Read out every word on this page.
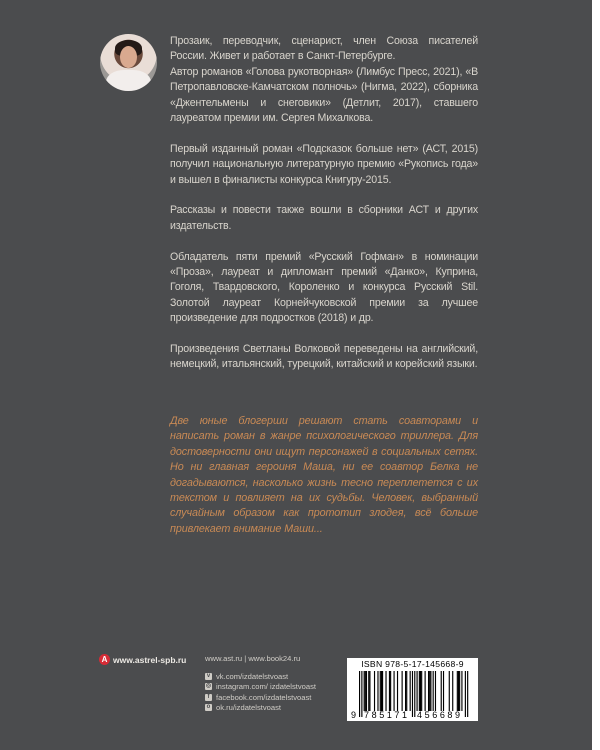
Прозаик, переводчик, сценарист, член Союза писателей России. Живет и работает в Санкт-Петербурге.

Автор романов «Голова рукотворная» (Лимбус Пресс, 2021), «В Петропавловске-Камчатском полночь» (Нигма, 2022), сборника «Джентельмены и снеговики» (Детлит, 2017), ставшего лауреатом премии им. Сергея Михалкова.

Первый изданный роман «Подсказок больше нет» (АСТ, 2015) получил национальную литературную премию «Рукопись года» и вышел в финалисты конкурса Книгуру-2015.

Рассказы и повести также вошли в сборники АСТ и других издательств.

Обладатель пяти премий «Русский Гофман» в номинации «Проза», лауреат и дипломант премий «Данко», Куприна, Гоголя, Твардовского, Короленко и конкурса Русский Stil. Золотой лауреат Корнейчуковской премии за лучшее произведение для подростков (2018) и др.

Произведения Светланы Волковой переведены на английский, немецкий, итальянский, турецкий, китайский и корейский языки.

Две юные блогерши решают стать соавторами и написать роман в жанре психологического триллера. Для достоверности они ищут персонажей в социальных сетях. Но ни главная героиня Маша, ни ее соавтор Белка не догадываются, насколько жизнь тесно переплетется с их текстом и повлияет на их судьбы. Человек, выбранный случайным образом как прототип злодея, всё больше привлекает внимание Маши...

A www.astrel-spb.ru www.ast.ru | www.book24.ru
v vk.com/izdatelstvoast
◎ instagram.com/ izdatelstvoast
f facebook.com/izdatelstvoast
о ok.ru/izdatelstvoast
ISBN 978-5-17-145668-9
9 785171 456689
